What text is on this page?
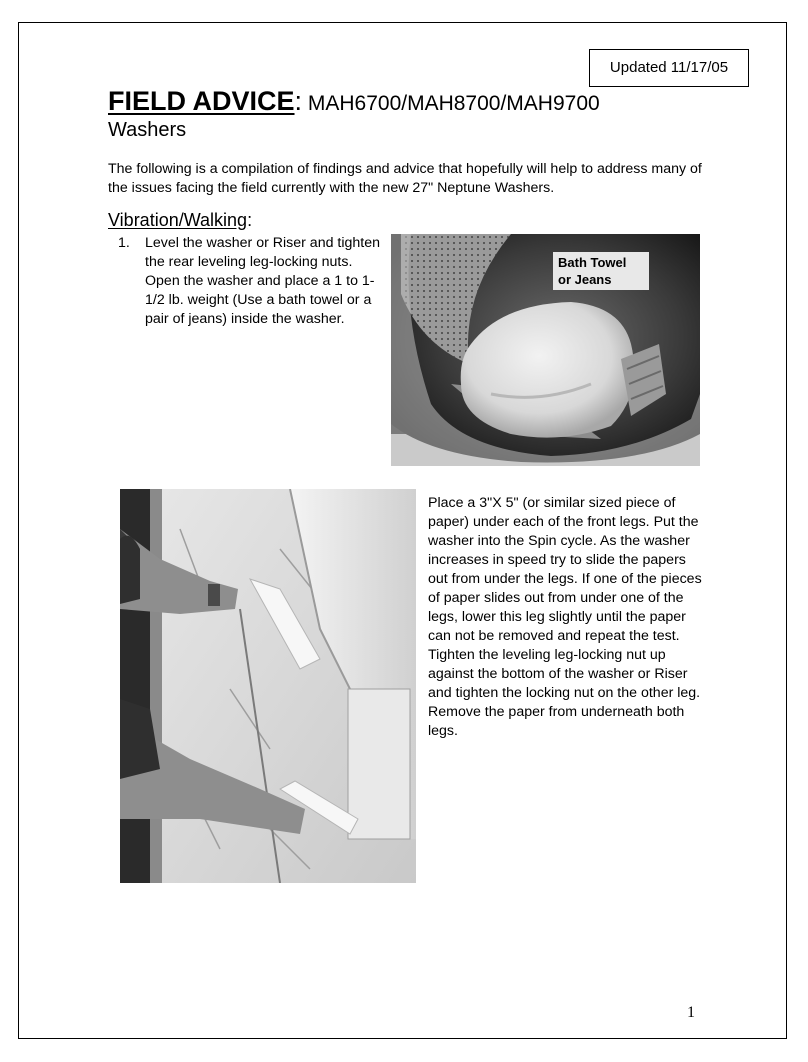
Updated 11/17/05
FIELD ADVICE: MAH6700/MAH8700/MAH9700
Washers
The following is a compilation of findings and advice that hopefully will help to address many of the issues facing the field currently with the new 27" Neptune Washers.
Vibration/Walking:
1. Level the washer or Riser and tighten the rear leveling leg-locking nuts. Open the washer and place a 1 to 1-1/2 lb. weight (Use a bath towel or a pair of jeans) inside the washer.
Bath Towel
or Jeans
Place a 3"X 5" (or similar sized piece of paper) under each of the front legs. Put the washer into the Spin cycle. As the washer increases in speed try to slide the papers out from under the legs. If one of the pieces of paper slides out from under one of the legs, lower this leg slightly until the paper can not be removed and repeat the test. Tighten the leveling leg-locking nut up against the bottom of the washer or Riser and tighten the locking nut on the other leg. Remove the paper from underneath both legs.
1
